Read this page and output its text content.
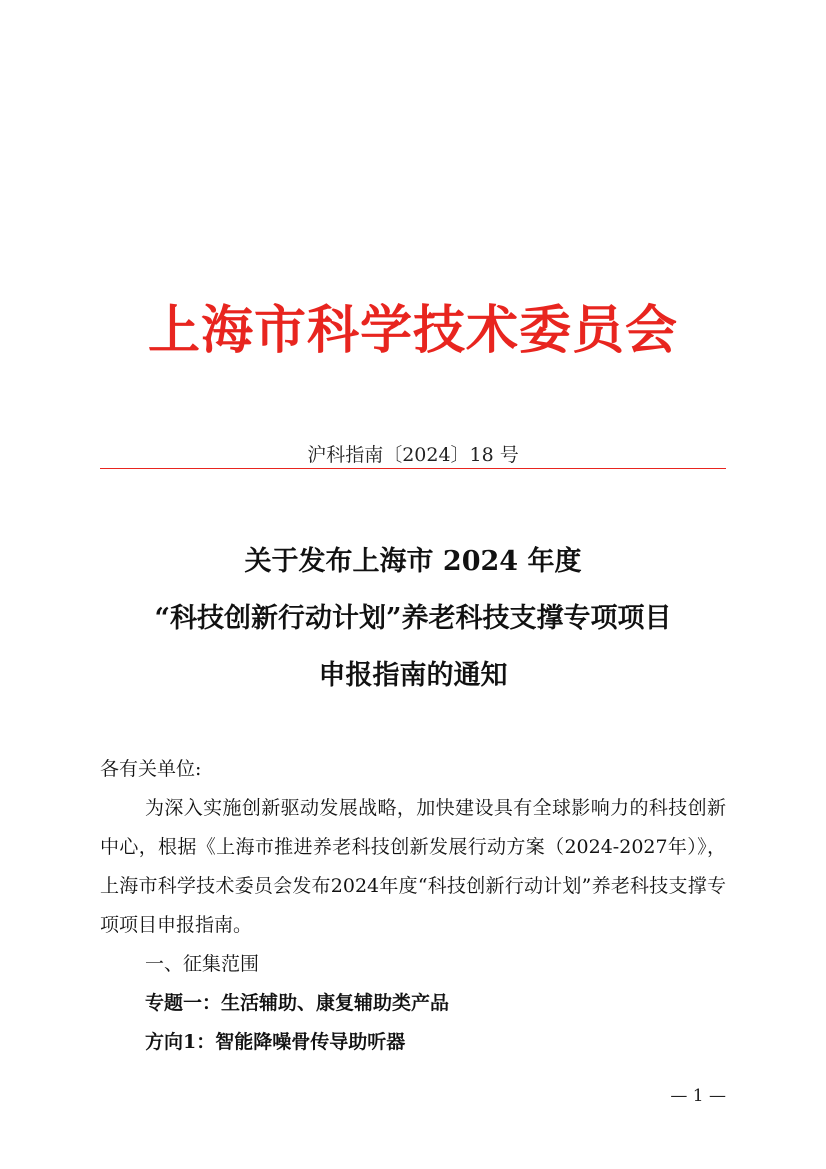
上海市科学技术委员会
沪科指南〔2024〕18 号
关于发布上海市 2024 年度
“科技创新行动计划”养老科技支撑专项项目
申报指南的通知
各有关单位:
为深入实施创新驱动发展战略，加快建设具有全球影响力的科技创新中心，根据《上海市推进养老科技创新发展行动方案（2024-2027年）》，上海市科学技术委员会发布2024年度“科技创新行动计划”养老科技支撑专项项目申报指南。
一、征集范围
专题一：生活辅助、康复辅助类产品
方向1：智能降噪骨传导助听器
— 1 —
